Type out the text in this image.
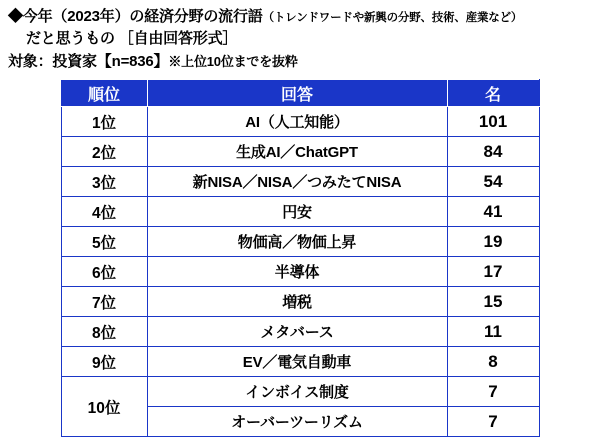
◆今年（2023年）の経済分野の流行語（トレンドワードや新興の分野、技術、産業など）
だと思うもの ［自由回答形式］
対象：投資家【n=836】※上位10位までを抜粋
順位	回答	名
1位	AI（人工知能）	101
2位	生成AI／ChatGPT	84
3位	新NISA／NISA／つみたてNISA	54
4位	円安	41
5位	物価高／物価上昇	19
6位	半導体	17
7位	増税	15
8位	メタバース	11
9位	EV／電気自動車	8
10位	インボイス制度	7
	オーバーツーリズム	7
